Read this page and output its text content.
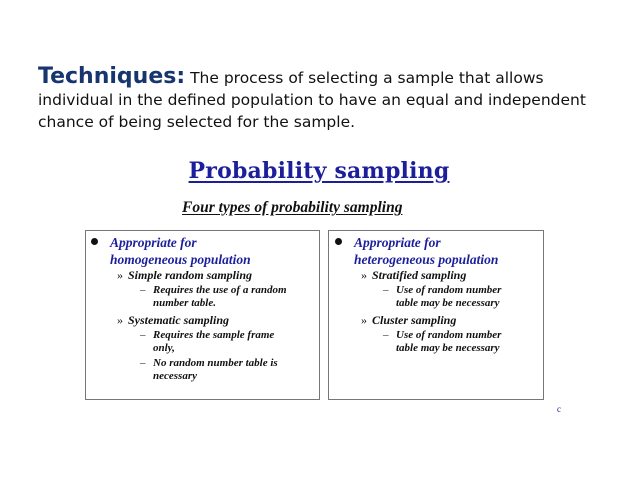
Techniques: The process of selecting a sample that allows individual in the defined population to have an equal and independent chance of being selected for the sample.
Probability sampling
Four types of probability sampling
Appropriate for
homogeneous population
» Simple random sampling
– Requires the use of a random
number table.
» Systematic sampling
– Requires the sample frame
only,
– No random number table is
necessary
Appropriate for
heterogeneous population
» Stratified sampling
– Use of random number
table may be necessary
» Cluster sampling
– Use of random number
table may be necessary
c
